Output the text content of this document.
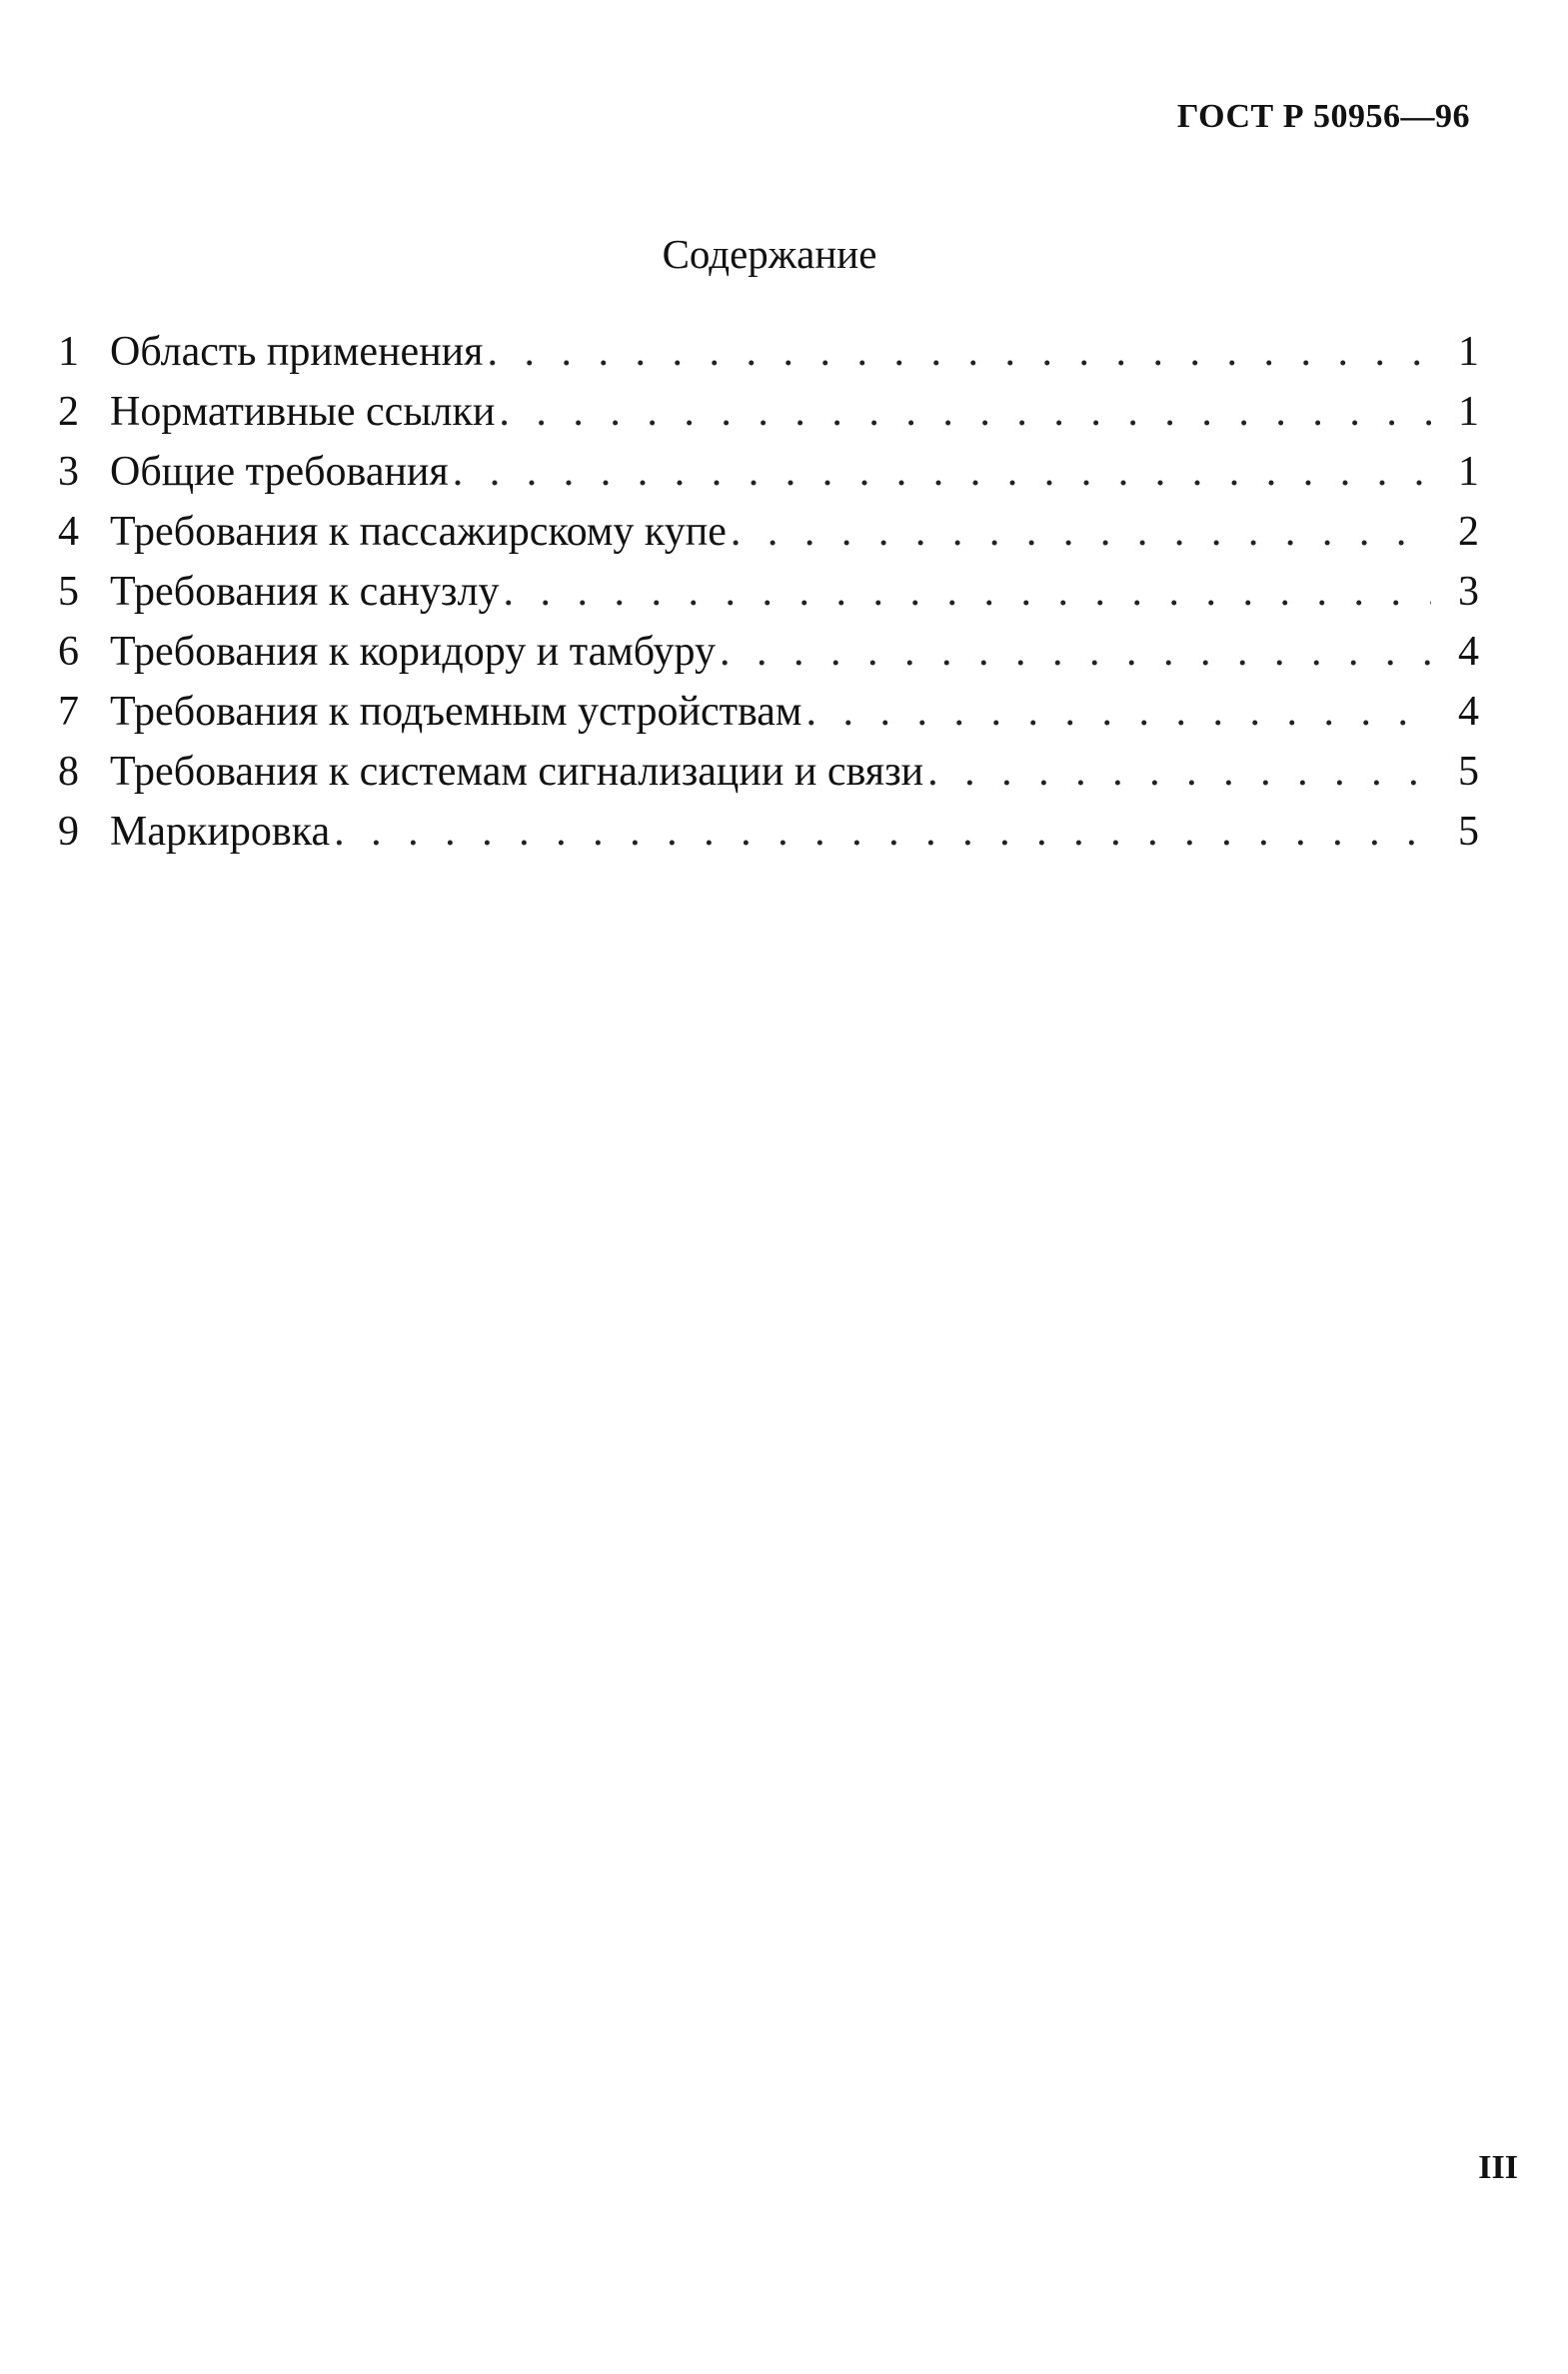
ГОСТ Р 50956—96
Содержание
1 Область применения . . .	1
2 Нормативные ссылки . . .	1
3 Общие требования . . .	1
4 Требования к пассажирскому купе . . .	2
5 Требования к санузлу . . .	3
6 Требования к коридору и тамбуру . . .	4
7 Требования к подъемным устройствам . . .	4
8 Требования к системам сигнализации и связи . . .	5
9 Маркировка . . .	5
III
